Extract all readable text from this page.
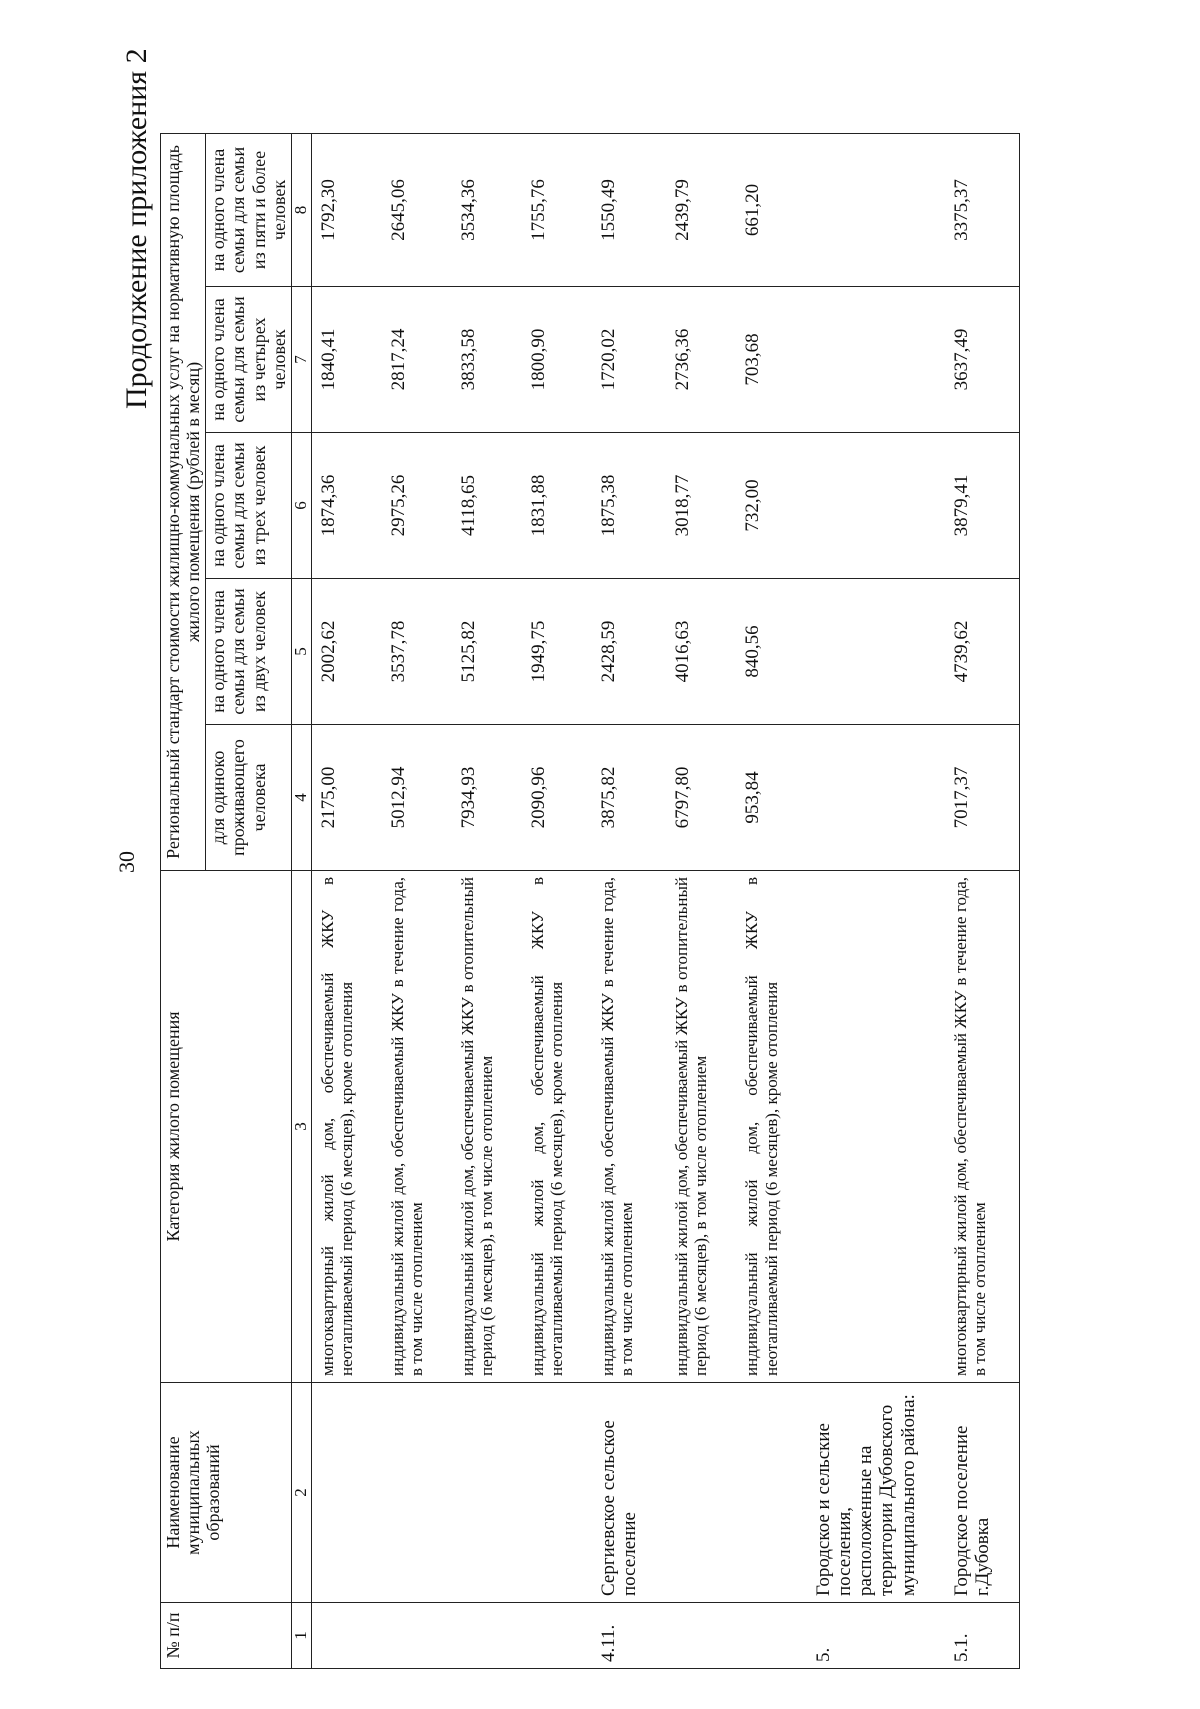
30
Продолжение приложения 2
№ п/п	Наименование муниципальных образований	Категория жилого помещения	Региональный стандарт стоимости жилищно-коммунальных услуг на нормативную площадь жилого помещения (рублей в месяц)				
			для одиноко проживающего человека	на одного члена семьи для семьи из двух человек	на одного члена семьи для семьи из трех человек	на одного члена семьи для семьи из четырех человек	на одного члена семьи для семьи из пяти и более человек
1	2	3	4	5	6	7	8
		многоквартирный жилой дом, обеспечиваемый ЖКУ в неотапливаемый период (6 месяцев), кроме отопления	2175,00	2002,62	1874,36	1840,41	1792,30
		индивидуальный жилой дом, обеспечиваемый ЖКУ в течение года, в том числе отоплением	5012,94	3537,78	2975,26	2817,24	2645,06
		индивидуальный жилой дом, обеспечиваемый ЖКУ в отопительный период (6 месяцев), в том числе отоплением	7934,93	5125,82	4118,65	3833,58	3534,36
		индивидуальный жилой дом, обеспечиваемый ЖКУ в неотапливаемый период (6 месяцев), кроме отопления	2090,96	1949,75	1831,88	1800,90	1755,76
4.11.	Сергиевское сельское поселение	индивидуальный жилой дом, обеспечиваемый ЖКУ в течение года, в том числе отоплением	3875,82	2428,59	1875,38	1720,02	1550,49
		индивидуальный жилой дом, обеспечиваемый ЖКУ в отопительный период (6 месяцев), в том числе отоплением	6797,80	4016,63	3018,77	2736,36	2439,79
		индивидуальный жилой дом, обеспечиваемый ЖКУ в неотапливаемый период (6 месяцев), кроме отопления	953,84	840,56	732,00	703,68	661,20
5.	Городское и сельские поселения, расположенные на территории Дубовского муниципального района:						
5.1.	Городское поселение г.Дубовка	многоквартирный жилой дом, обеспечиваемый ЖКУ в течение года, в том числе отоплением	7017,37	4739,62	3879,41	3637,49	3375,37
